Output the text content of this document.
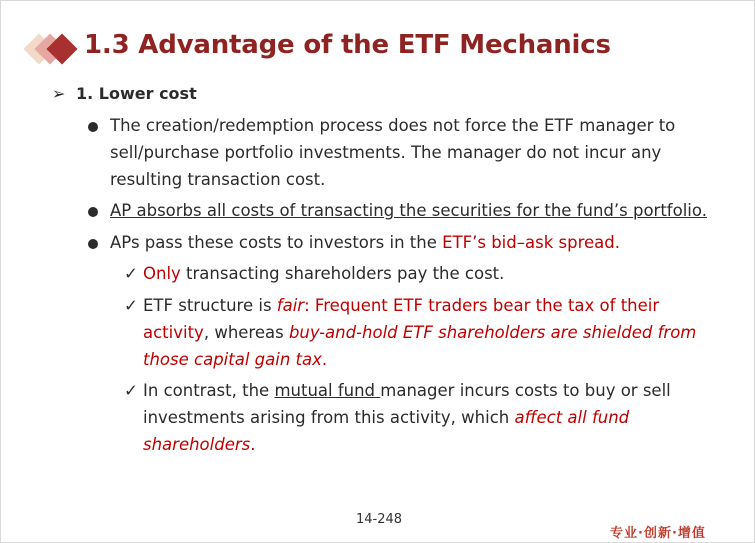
1.3 Advantage of the ETF Mechanics
➢ 1. Lower cost
The creation/redemption process does not force the ETF manager to sell/purchase portfolio investments. The manager do not incur any resulting transaction cost.
AP absorbs all costs of transacting the securities for the fund’s portfolio.
APs pass these costs to investors in the ETF’s bid–ask spread.
✓ Only transacting shareholders pay the cost.
✓ ETF structure is fair: Frequent ETF traders bear the tax of their activity, whereas buy-and-hold ETF shareholders are shielded from those capital gain tax.
✓ In contrast, the mutual fund manager incurs costs to buy or sell investments arising from this activity, which affect all fund shareholders.
14-248
专业·创新·增值
